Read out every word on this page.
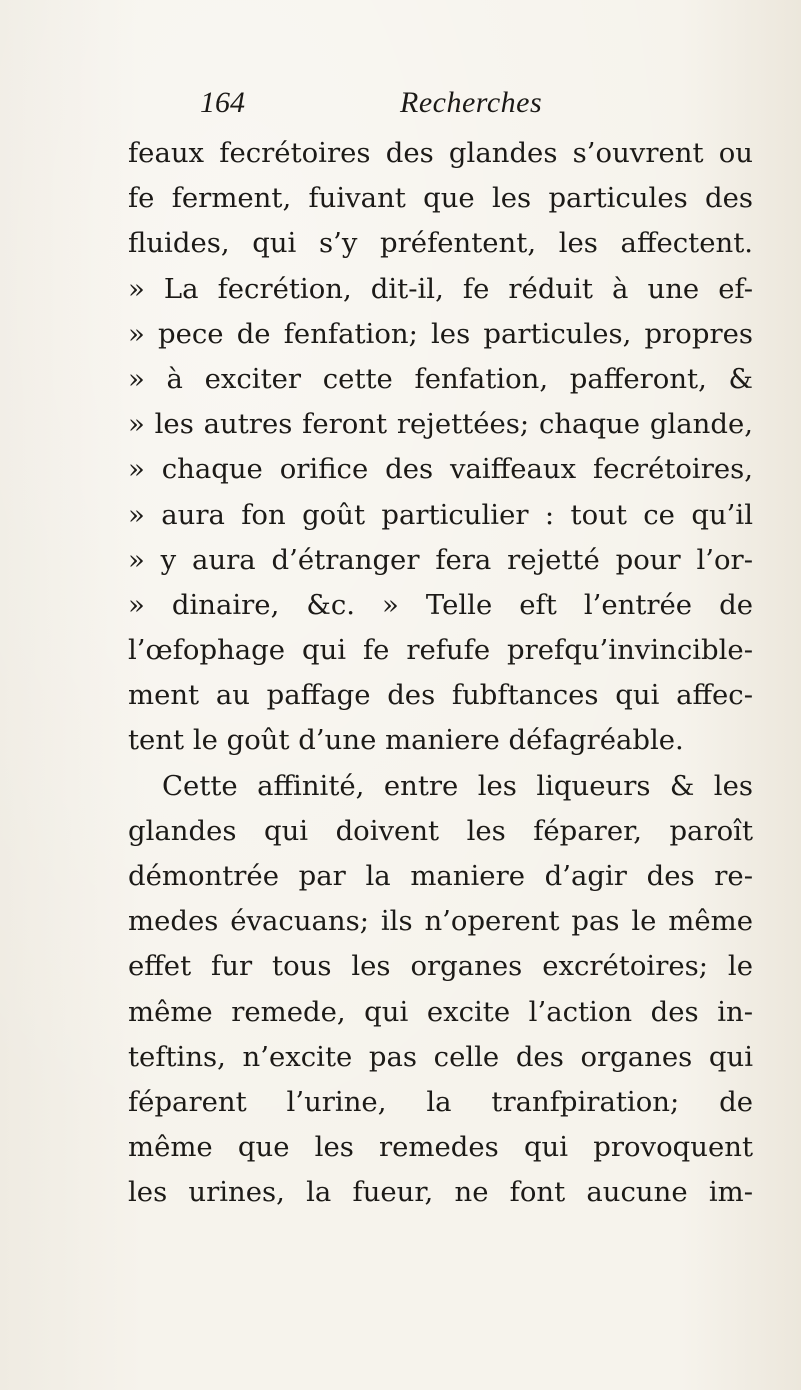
164	Recherches
feaux fecrétoires des glandes s’ouvrent ou
fe ferment, fuivant que les particules des
fluides, qui s’y préfentent, les affectent.
» La fecrétion, dit-il, fe réduit à une ef-
» pece de fenfation; les particules, propres
» à exciter cette fenfation, pafferont, &
» les autres feront rejettées; chaque glande,
» chaque orifice des vaiffeaux fecrétoires,
» aura fon goût particulier : tout ce qu’il
» y aura d’étranger fera rejetté pour l’or-
» dinaire, &c. » Telle eft l’entrée de
l’œfophage qui fe refufe prefqu’invincible-
ment au paffage des fubftances qui affec-
tent le goût d’une maniere défagréable.
Cette affinité, entre les liqueurs & les
glandes qui doivent les féparer, paroît
démontrée par la maniere d’agir des re-
medes évacuans; ils n’operent pas le même
effet fur tous les organes excrétoires; le
même remede, qui excite l’action des in-
teftins, n’excite pas celle des organes qui
féparent l’urine, la tranfpiration; de
même que les remedes qui provoquent
les urines, la fueur, ne font aucune im-
